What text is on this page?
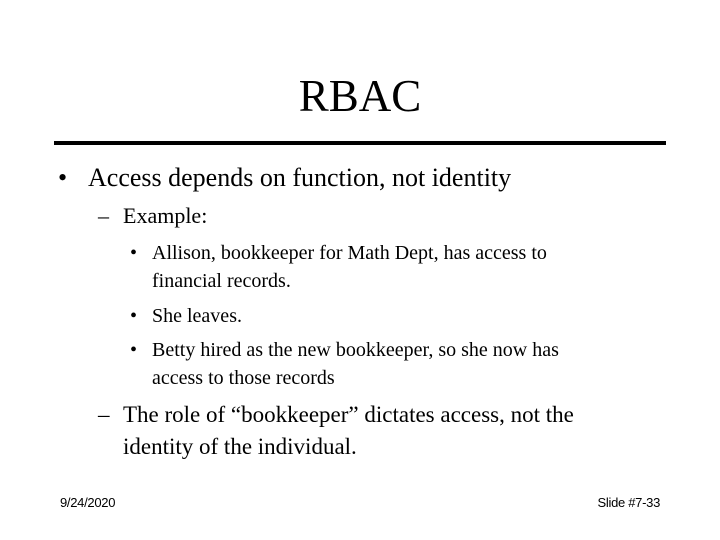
RBAC
• Access depends on function, not identity
– Example:
• Allison, bookkeeper for Math Dept, has access to
financial records.
• She leaves.
• Betty hired as the new bookkeeper, so she now has
access to those records
– The role of “bookkeeper” dictates access, not the
identity of the individual.
9/24/2020	Slide #7-33
